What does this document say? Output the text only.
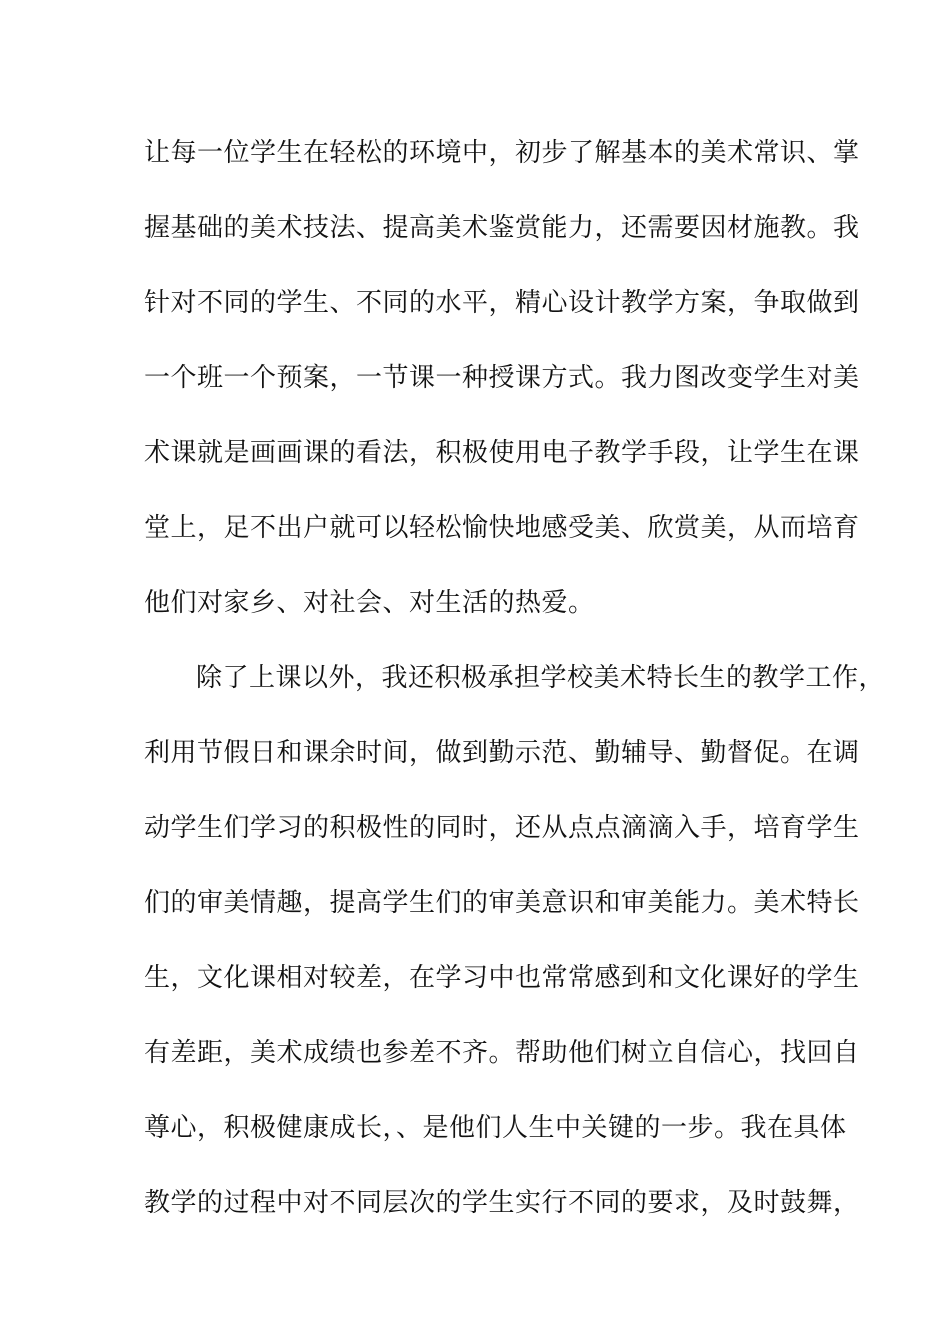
让每一位学生在轻松的环境中，初步了解基本的美术常识、掌
握基础的美术技法、提高美术鉴赏能力，还需要因材施教。我
针对不同的学生、不同的水平，精心设计教学方案，争取做到
一个班一个预案，一节课一种授课方式。我力图改变学生对美
术课就是画画课的看法，积极使用电子教学手段，让学生在课
堂上，足不出户就可以轻松愉快地感受美、欣赏美，从而培育
他们对家乡、对社会、对生活的热爱。
除了上课以外，我还积极承担学校美术特长生的教学工作，
利用节假日和课余时间，做到勤示范、勤辅导、勤督促。在调
动学生们学习的积极性的同时，还从点点滴滴入手，培育学生
们的审美情趣，提高学生们的审美意识和审美能力。美术特长
生，文化课相对较差，在学习中也常常感到和文化课好的学生
有差距，美术成绩也参差不齐。帮助他们树立自信心，找回自
尊心，积极健康成长，、是他们人生中关键的一步。我在具体
教学的过程中对不同层次的学生实行不同的要求，及时鼓舞，
